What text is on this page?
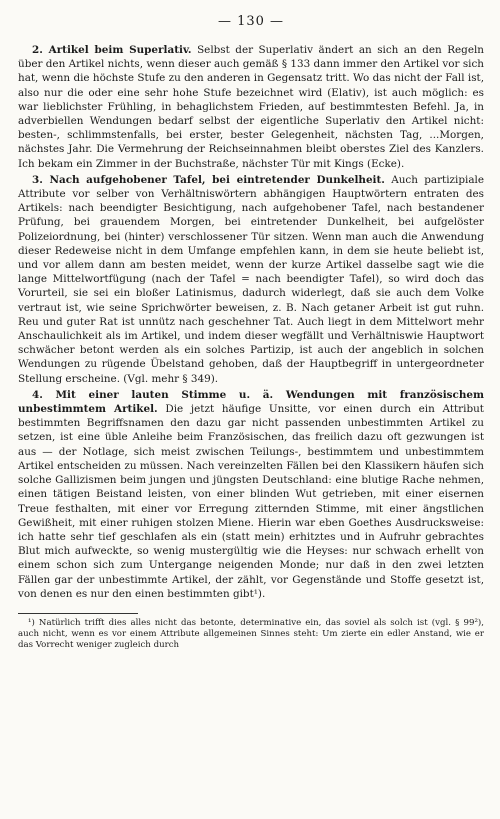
— 130 —

2. Artikel beim Superlativ. Selbst der Superlativ ändert an sich an den Regeln über den Artikel nichts, wenn dieser auch gemäß § 133 dann immer den Artikel vor sich hat, wenn die höchste Stufe zu den anderen in Gegensatz tritt. Wo das nicht der Fall ist, also nur die oder eine sehr hohe Stufe bezeichnet wird (Elativ), ist auch möglich: es war lieblichster Frühling, in behaglichstem Frieden, auf bestimmtesten Befehl. Ja, in adverbiellen Wendungen bedarf selbst der eigentliche Superlativ den Artikel nicht: besten-, schlimmstenfalls, bei erster, bester Gelegenheit, nächsten Tag, ...Morgen, nächstes Jahr. Die Vermehrung der Reichseinnahmen bleibt oberstes Ziel des Kanzlers. Ich bekam ein Zimmer in der Buchstraße, nächster Tür mit Kings (Ecke).

3. Nach aufgehobener Tafel, bei eintretender Dunkelheit. Auch partizipiale Attribute vor selber von Verhältniswörtern abhängigen Hauptwörtern entraten des Artikels: nach beendigter Besichtigung, nach aufgehobener Tafel, nach bestandener Prüfung, bei grauendem Morgen, bei eintretender Dunkelheit, bei aufgelöster Polizeiordnung, bei (hinter) verschlossener Tür sitzen. Wenn man auch die Anwendung dieser Redeweise nicht in dem Umfange empfehlen kann, in dem sie heute beliebt ist, und vor allem dann am besten meidet, wenn der kurze Artikel dasselbe sagt wie die lange Mittelwortfügung (nach der Tafel = nach beendigter Tafel), so wird doch das Vorurteil, sie sei ein bloßer Latinismus, dadurch widerlegt, daß sie auch dem Volke vertraut ist, wie seine Sprichwörter beweisen, z. B. Nach getaner Arbeit ist gut ruhn. Reu und guter Rat ist unnütz nach geschehner Tat. Auch liegt in dem Mittelwort mehr Anschaulichkeit als im Artikel, und indem dieser wegfällt und Verhältniswie Hauptwort schwächer betont werden als ein solches Partizip, ist auch der angeblich in solchen Wendungen zu rügende Übelstand gehoben, daß der Hauptbegriff in untergeordneter Stellung erscheine. (Vgl. mehr § 349).

4. Mit einer lauten Stimme u. ä. Wendungen mit französischem unbestimmtem Artikel. Die jetzt häufige Unsitte, vor einen durch ein Attribut bestimmten Begriffsnamen den dazu gar nicht passenden unbestimmten Artikel zu setzen, ist eine üble Anleihe beim Französischen, das freilich dazu oft gezwungen ist aus — der Notlage, sich meist zwischen Teilungs-, bestimmtem und unbestimmtem Artikel entscheiden zu müssen. Nach vereinzelten Fällen bei den Klassikern häufen sich solche Gallizismen beim jungen und jüngsten Deutschland: eine blutige Rache nehmen, einen tätigen Beistand leisten, von einer blinden Wut getrieben, mit einer eisernen Treue festhalten, mit einer vor Erregung zitternden Stimme, mit einer ängstlichen Gewißheit, mit einer ruhigen stolzen Miene. Hierin war eben Goethes Ausdrucksweise: ich hatte sehr tief geschlafen als ein (statt mein) erhitztes und in Aufruhr gebrachtes Blut mich aufweckte, so wenig mustergültig wie die Heyses: nur schwach erhellt von einem schon sich zum Untergange neigenden Monde; nur daß in den zwei letzten Fällen gar der unbestimmte Artikel, der zählt, vor Gegenstände und Stoffe gesetzt ist, von denen es nur den einen bestimmten gibt¹).

¹) Natürlich trifft dies alles nicht das betonte, determinative ein, das soviel als solch ist (vgl. § 99²), auch nicht, wenn es vor einem Attribute allgemeinen Sinnes steht: Um zierte ein edler Anstand, wie er das Vorrecht weniger zugleich durch
